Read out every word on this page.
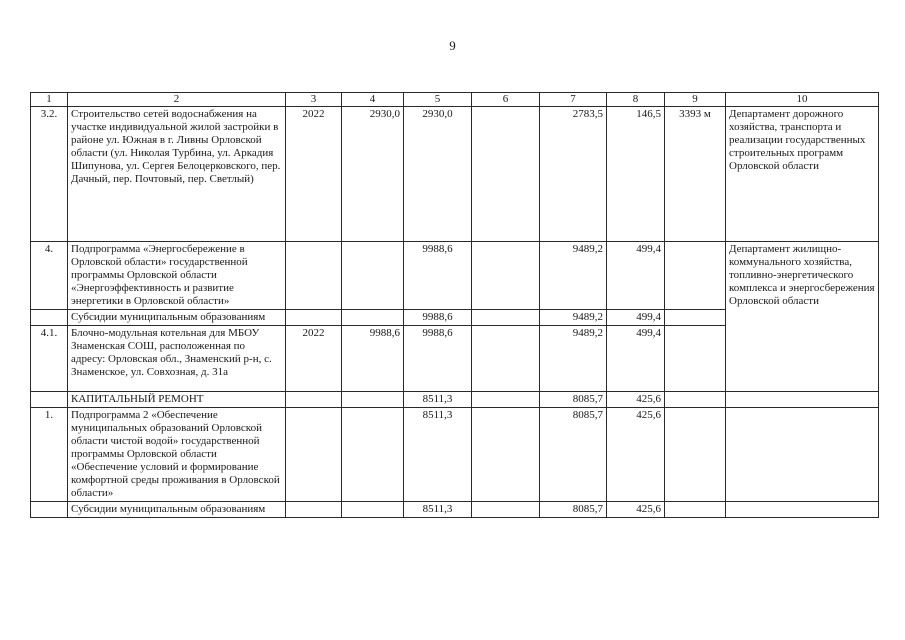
9
1	2	3	4	5	6	7	8	9	10
3.2.	Строительство сетей водоснабжения на участке индивидуальной жилой застройки в районе ул. Южная в г. Ливны Орловской области (ул. Николая Турбина, ул. Аркадия Шипунова, ул. Сергея Белоцерковского, пер. Дачный, пер. Почтовый, пер. Светлый)	2022	2930,0	2930,0		2783,5	146,5	3393 м	Департамент дорожного хозяйства, транспорта и реализации государственных строительных программ Орловской области
4.	Подпрограмма «Энергосбережение в Орловской области» государственной программы Орловской области «Энергоэффективность и развитие энергетики в Орловской области»			9988,6		9489,2	499,4		Департамент жилищно-коммунального хозяйства, топливно-энергетического комплекса и энергосбережения Орловской области
	Субсидии муниципальным образованиям			9988,6		9489,2	499,4		
4.1.	Блочно-модульная котельная для МБОУ Знаменская СОШ, расположенная по адресу: Орловская обл., Знаменский р-н, с. Знаменское, ул. Совхозная, д. 31а	2022	9988,6	9988,6		9489,2	499,4		
	КАПИТАЛЬНЫЙ РЕМОНТ			8511,3		8085,7	425,6		
1.	Подпрограмма 2 «Обеспечение муниципальных образований Орловской области чистой водой» государственной программы Орловской области «Обеспечение условий и формирование комфортной среды проживания в Орловской области»			8511,3		8085,7	425,6		
	Субсидии муниципальным образованиям			8511,3		8085,7	425,6		
